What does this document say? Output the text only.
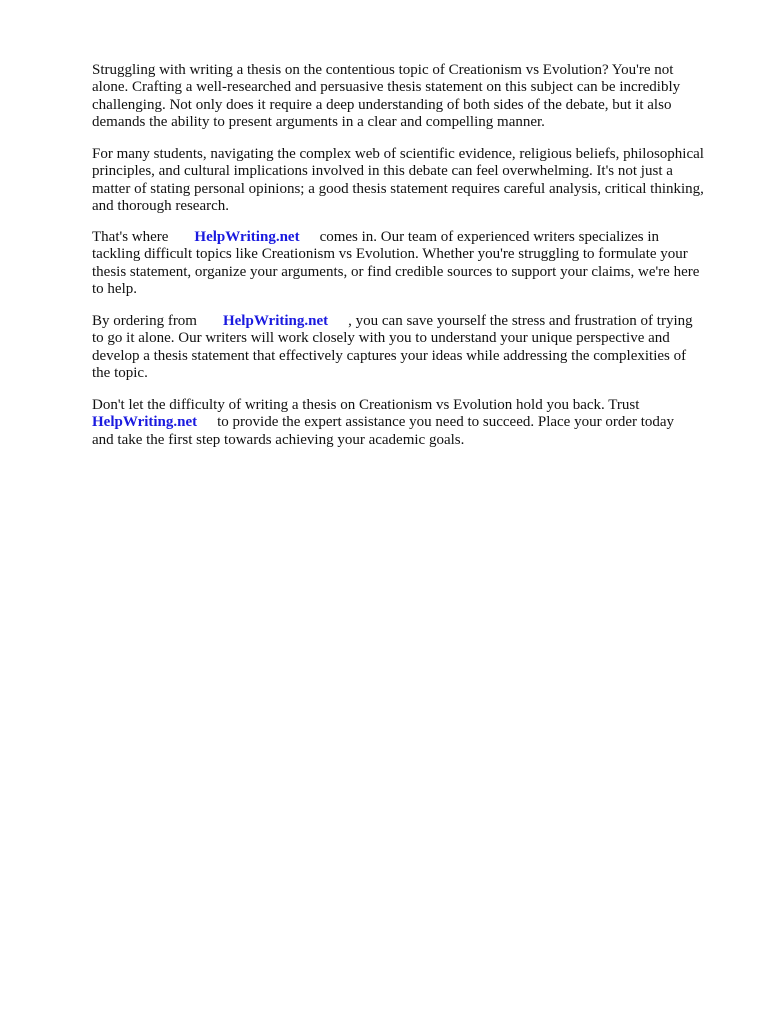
Struggling with writing a thesis on the contentious topic of Creationism vs Evolution? You're not
alone. Crafting a well-researched and persuasive thesis statement on this subject can be incredibly
challenging. Not only does it require a deep understanding of both sides of the debate, but it also
demands the ability to present arguments in a clear and compelling manner.

For many students, navigating the complex web of scientific evidence, religious beliefs, philosophical
principles, and cultural implications involved in this debate can feel overwhelming. It's not just a
matter of stating personal opinions; a good thesis statement requires careful analysis, critical thinking,
and thorough research.

That's where HelpWriting.net comes in. Our team of experienced writers specializes in
tackling difficult topics like Creationism vs Evolution. Whether you're struggling to formulate your
thesis statement, organize your arguments, or find credible sources to support your claims, we're here
to help.

By ordering from HelpWriting.net , you can save yourself the stress and frustration of trying
to go it alone. Our writers will work closely with you to understand your unique perspective and
develop a thesis statement that effectively captures your ideas while addressing the complexities of
the topic.

Don't let the difficulty of writing a thesis on Creationism vs Evolution hold you back. Trust
HelpWriting.net to provide the expert assistance you need to succeed. Place your order today
and take the first step towards achieving your academic goals.
